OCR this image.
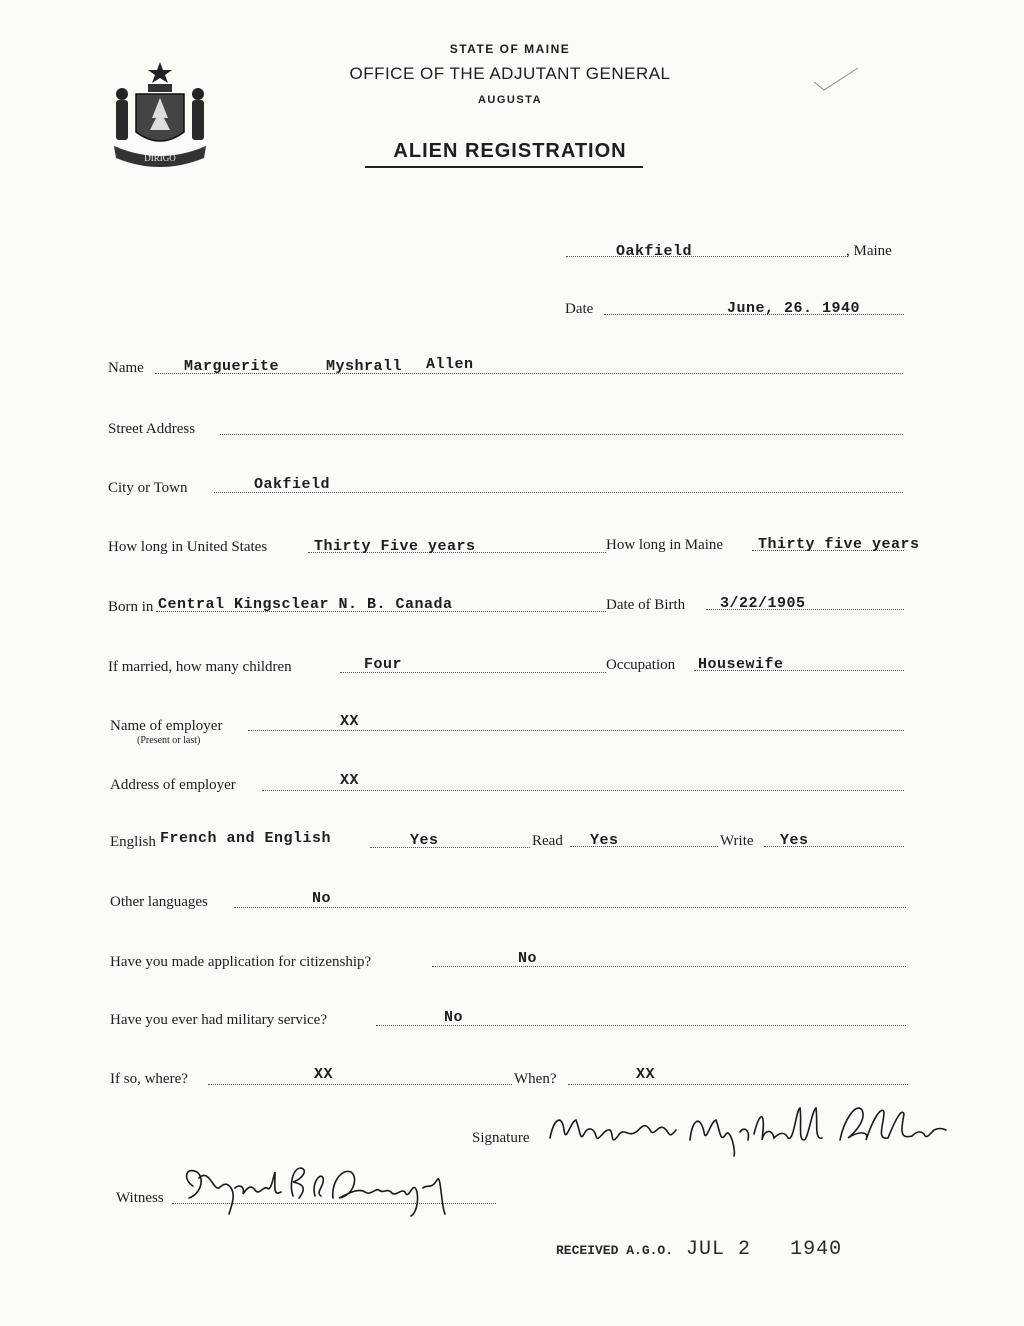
DIRIGO
STATE OF MAINE
OFFICE OF THE ADJUTANT GENERAL
AUGUSTA
ALIEN REGISTRATION
Oakfield	, Maine
Date	June, 26. 1940
Name	Marguerite	Myshrall Allen
Street Address
City or Town	Oakfield
How long in United States	Thirty Five years	How long in Maine Thirty five years
Born in Central Kingsclear N. B. Canada	Date of Birth 3/22/1905
If married, how many children	Four	Occupation Housewife
Name of employer
(Present or last)
XX
Address of employer	XX
English French and English	Yes	Read Yes	Write Yes
Other languages	No
Have you made application for citizenship?	No
Have you ever had military service?	No
If so, where?	XX	When?	XX
Signature
Witness
RECEIVED A.G.O. JUL 2   1940
